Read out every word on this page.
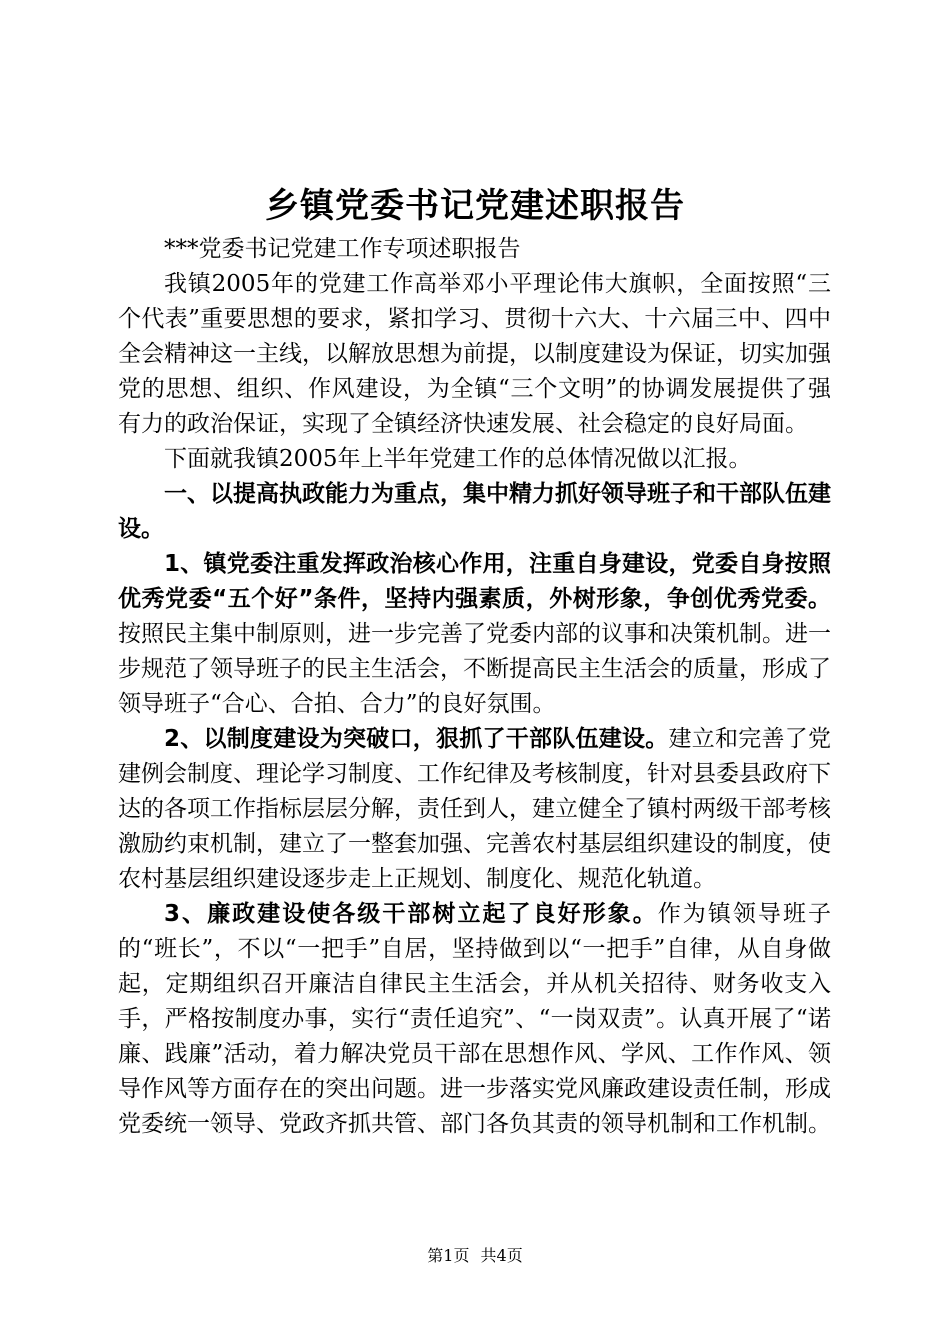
乡镇党委书记党建述职报告

***党委书记党建工作专项述职报告

我镇2005年的党建工作高举邓小平理论伟大旗帜，全面按照“三个代表”重要思想的要求，紧扣学习、贯彻十六大、十六届三中、四中全会精神这一主线，以解放思想为前提，以制度建设为保证，切实加强党的思想、组织、作风建设，为全镇“三个文明”的协调发展提供了强有力的政治保证，实现了全镇经济快速发展、社会稳定的良好局面。

下面就我镇2005年上半年党建工作的总体情况做以汇报。

一、以提高执政能力为重点，集中精力抓好领导班子和干部队伍建设。

1、镇党委注重发挥政治核心作用，注重自身建设，党委自身按照优秀党委“五个好”条件，坚持内强素质，外树形象，争创优秀党委。按照民主集中制原则，进一步完善了党委内部的议事和决策机制。进一步规范了领导班子的民主生活会，不断提高民主生活会的质量，形成了领导班子“合心、合拍、合力”的良好氛围。

2、以制度建设为突破口，狠抓了干部队伍建设。建立和完善了党建例会制度、理论学习制度、工作纪律及考核制度，针对县委县政府下达的各项工作指标层层分解，责任到人，建立健全了镇村两级干部考核激励约束机制，建立了一整套加强、完善农村基层组织建设的制度，使农村基层组织建设逐步走上正规划、制度化、规范化轨道。

3、廉政建设使各级干部树立起了良好形象。作为镇领导班子的“班长”，不以“一把手”自居，坚持做到以“一把手”自律，从自身做起，定期组织召开廉洁自律民主生活会，并从机关招待、财务收支入手，严格按制度办事，实行“责任追究”、“一岗双责”。认真开展了“诺廉、践廉”活动，着力解决党员干部在思想作风、学风、工作作风、领导作风等方面存在的突出问题。进一步落实党风廉政建设责任制，形成党委统一领导、党政齐抓共管、部门各负其责的领导机制和工作机制。

第1页 共4页
